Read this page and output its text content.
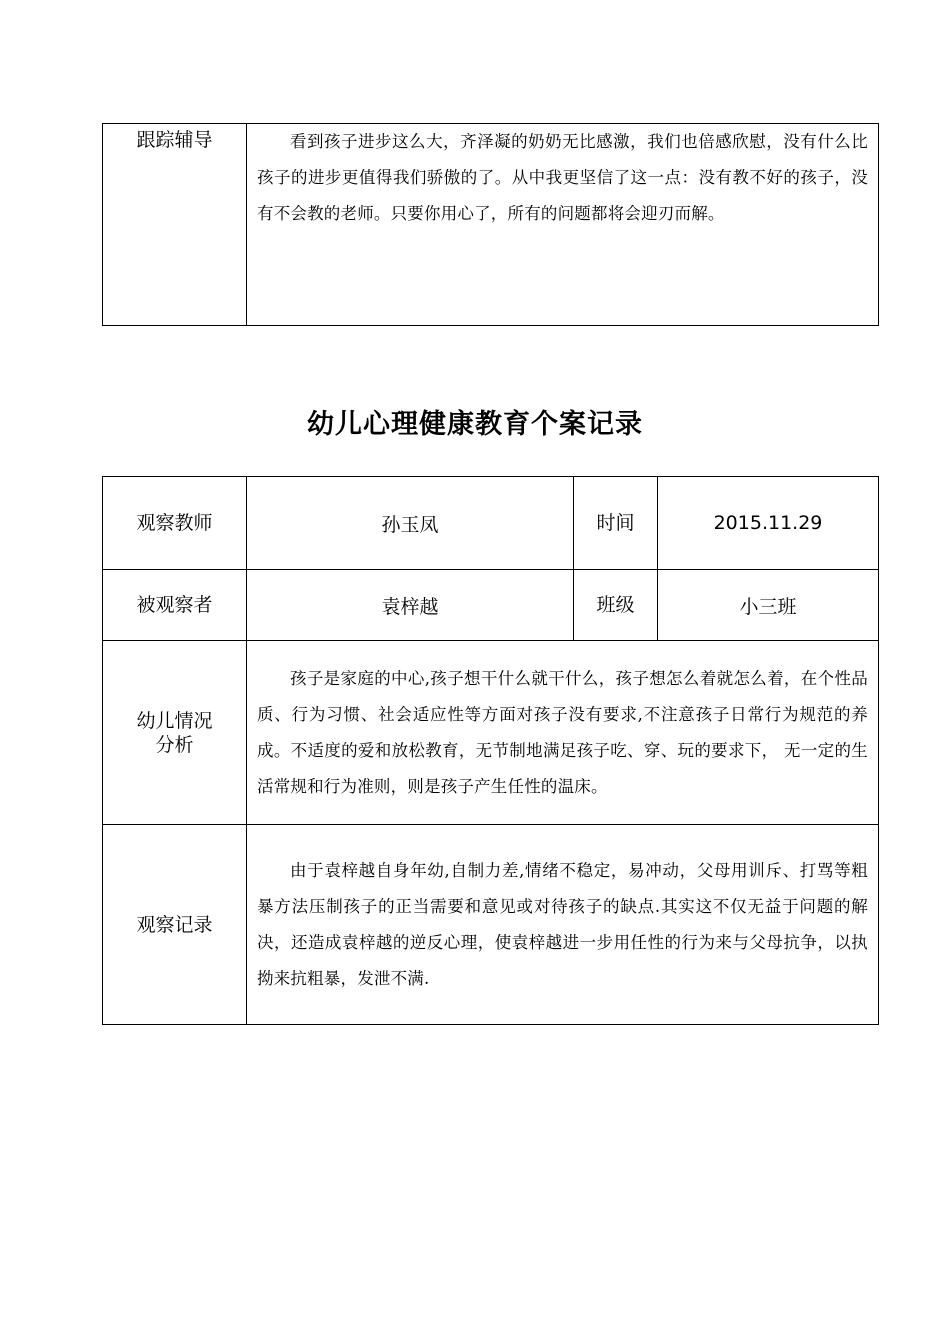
跟踪辅导	看到孩子进步这么大，齐泽凝的奶奶无比感激，我们也倍感欣慰，没有什么比孩子的进步更值得我们骄傲的了。从中我更坚信了这一点：没有教不好的孩子，没有不会教的老师。只要你用心了，所有的问题都将会迎刃而解。
幼儿心理健康教育个案记录
观察教师	孙玉凤	时间	2015.11.29
被观察者	袁梓越	班级	小三班
幼儿情况分析	孩子是家庭的中心,孩子想干什么就干什么，孩子想怎么着就怎么着，在个性品质、行为习惯、社会适应性等方面对孩子没有要求,不注意孩子日常行为规范的养成。不适度的爱和放松教育，无节制地满足孩子吃、穿、玩的要求下， 无一定的生活常规和行为准则，则是孩子产生任性的温床。		
观察记录	由于袁梓越自身年幼,自制力差,情绪不稳定，易冲动，父母用训斥、打骂等粗暴方法压制孩子的正当需要和意见或对待孩子的缺点.其实这不仅无益于问题的解决，还造成袁梓越的逆反心理，使袁梓越进一步用任性的行为来与父母抗争，以执拗来抗粗暴，发泄不满.		
